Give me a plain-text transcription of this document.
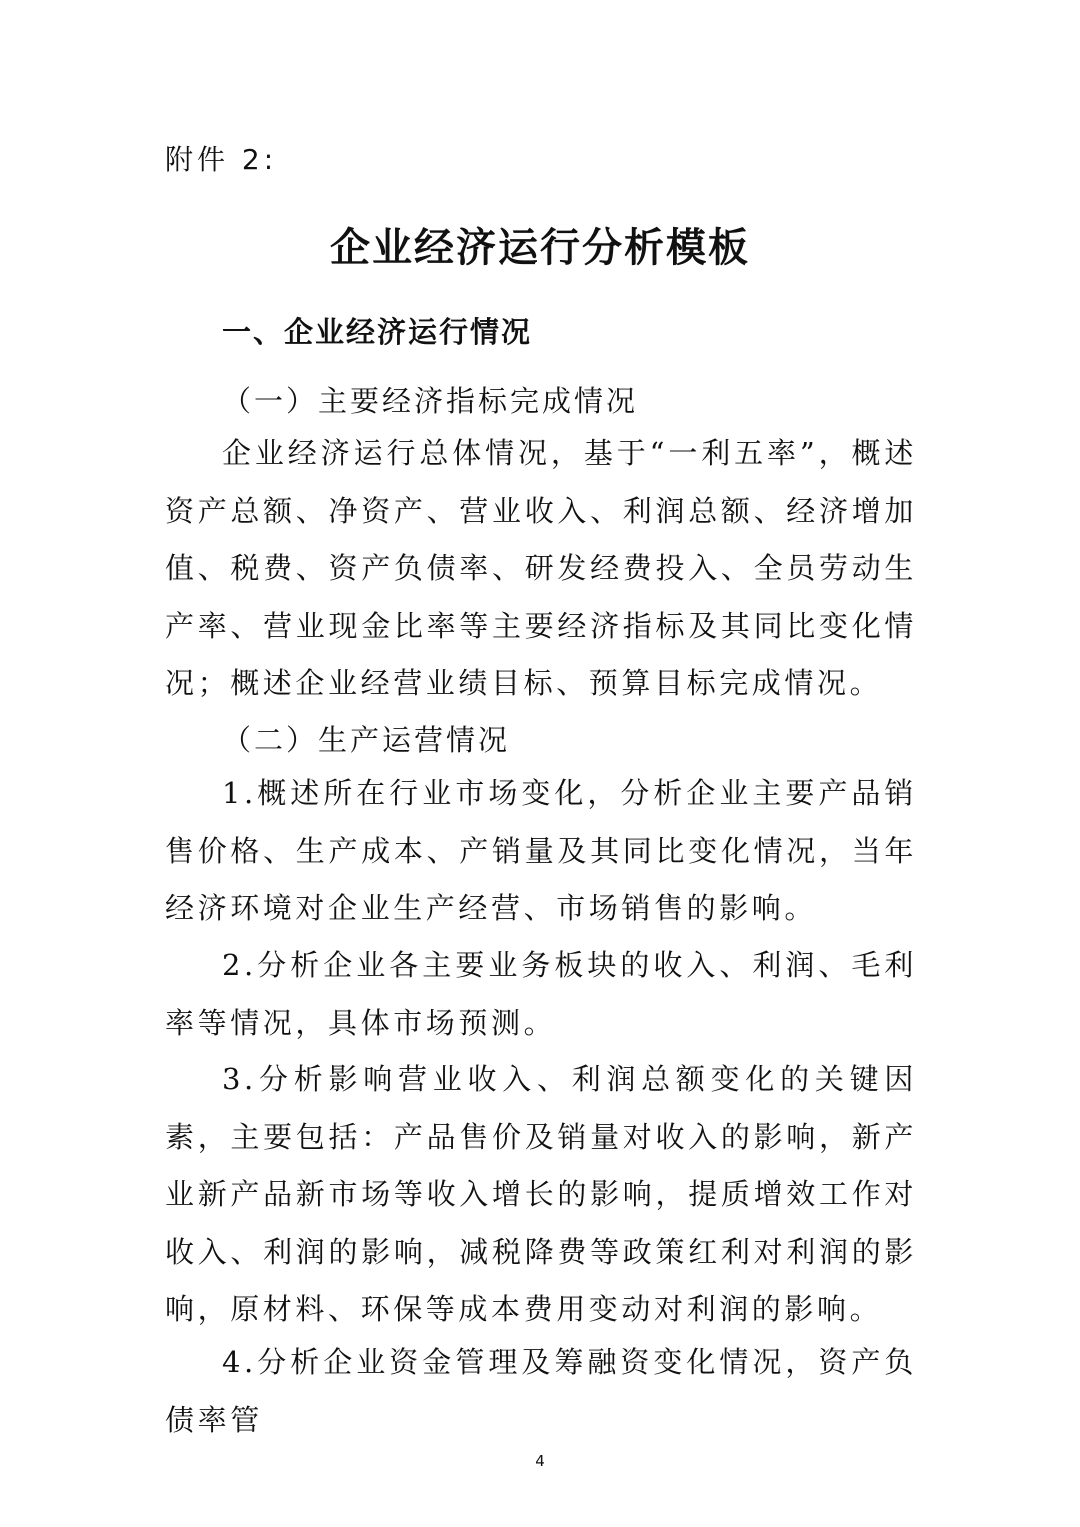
附件 2:
企业经济运行分析模板
一、企业经济运行情况
（一）主要经济指标完成情况

企业经济运行总体情况，基于“一利五率”，概述资产总额、净资产、营业收入、利润总额、经济增加值、税费、资产负债率、研发经费投入、全员劳动生产率、营业现金比率等主要经济指标及其同比变化情况；概述企业经营业绩目标、预算目标完成情况。

（二）生产运营情况

1.概述所在行业市场变化，分析企业主要产品销售价格、生产成本、产销量及其同比变化情况，当年经济环境对企业生产经营、市场销售的影响。

2.分析企业各主要业务板块的收入、利润、毛利率等情况，具体市场预测。

3.分析影响营业收入、利润总额变化的关键因素，主要包括：产品售价及销量对收入的影响，新产业新产品新市场等收入增长的影响，提质增效工作对收入、利润的影响，减税降费等政策红利对利润的影响，原材料、环保等成本费用变动对利润的影响。

4.分析企业资金管理及筹融资变化情况，资产负债率管

4
